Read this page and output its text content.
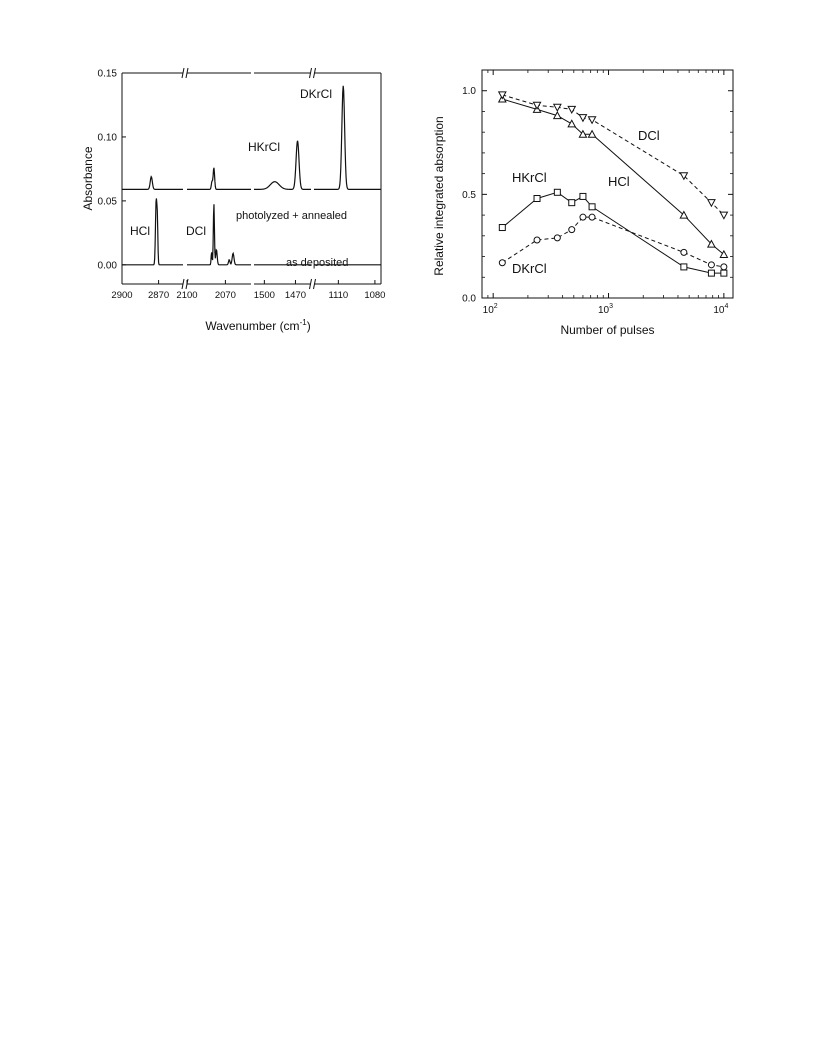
0.00
0.05
0.10
0.15
Absorbance
2900 2870 2100 2070 1500 1470 1110 1080
Wavenumber $(cm^{-1})$
DKrCl
HKrCl
photolyzed + annealed
HCl	DCl
as deposited
0.0
0.5
1.0
$10^2$	$10^3$	$10^4$
Number of pulses
Relative integrated absorption	HCl
DCl
HKrCl
DKrCl
